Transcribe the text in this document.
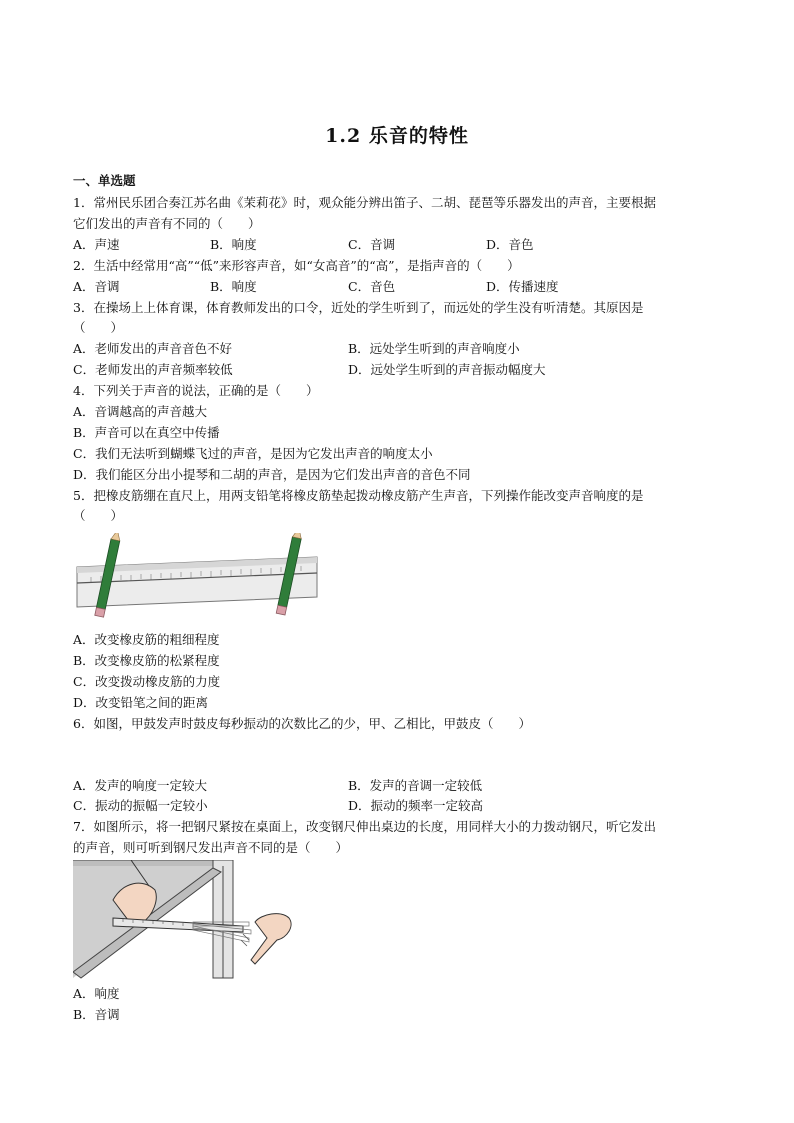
1.2 乐音的特性
一、单选题
1．常州民乐团合奏江苏名曲《茉莉花》时，观众能分辨出笛子、二胡、琵琶等乐器发出的声音，主要根据
它们发出的声音有不同的（　　）
A．声速	B．响度	C．音调	D．音色
2．生活中经常用“高”“低”来形容声音，如“女高音”的“高”，是指声音的（　　）
A．音调	B．响度	C．音色	D．传播速度
3．在操场上上体育课，体育教师发出的口令，近处的学生听到了，而远处的学生没有听清楚。其原因是
（　　）
A．老师发出的声音音色不好	B．远处学生听到的声音响度小
C．老师发出的声音频率较低	D．远处学生听到的声音振动幅度大
4．下列关于声音的说法，正确的是（　　）
A．音调越高的声音越大
B．声音可以在真空中传播
C．我们无法听到蝴蝶飞过的声音，是因为它发出声音的响度太小
D．我们能区分出小提琴和二胡的声音，是因为它们发出声音的音色不同
5．把橡皮筋绷在直尺上，用两支铅笔将橡皮筋垫起拨动橡皮筋产生声音，下列操作能改变声音响度的是
（　　）
A．改变橡皮筋的粗细程度
B．改变橡皮筋的松紧程度
C．改变拨动橡皮筋的力度
D．改变铅笔之间的距离
6．如图，甲鼓发声时鼓皮每秒振动的次数比乙的少，甲、乙相比，甲鼓皮（　　）
A．发声的响度一定较大	B．发声的音调一定较低
C．振动的振幅一定较小	D．振动的频率一定较高
7．如图所示，将一把钢尺紧按在桌面上，改变钢尺伸出桌边的长度，用同样大小的力拨动钢尺，听它发出
的声音，则可听到钢尺发出声音不同的是（　　）
A．响度
B．音调
